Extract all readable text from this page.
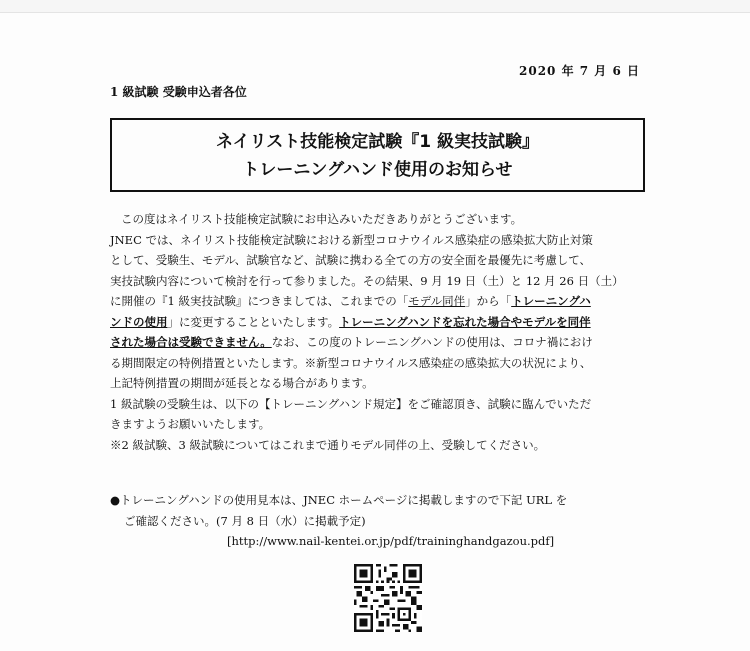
2020 年 7 月 6 日
1 級試験 受験申込者各位
ネイリスト技能検定試験『1 級実技試験』
トレーニングハンド使用のお知らせ

この度はネイリスト技能検定試験にお申込みいただきありがとうございます。

JNEC では、ネイリスト技能検定試験における新型コロナウイルス感染症の感染拡大防止対策

として、受験生、モデル、試験官など、試験に携わる全ての方の安全面を最優先に考慮して、

実技試験内容について検討を行って参りました。その結果、9 月 19 日（土）と 12 月 26 日（土）

に開催の『1 級実技試験』につきましては、これまでの「モデル同伴」から「トレーニングハ

ンドの使用」に変更することといたします。トレーニングハンドを忘れた場合やモデルを同伴

された場合は受験できません。なお、この度のトレーニングハンドの使用は、コロナ禍におけ

る期間限定の特例措置といたします。※新型コロナウイルス感染症の感染拡大の状況により、

上記特例措置の期間が延長となる場合があります。

1 級試験の受験生は、以下の【トレーニングハンド規定】をご確認頂き、試験に臨んでいただ

きますようお願いいたします。

※2 級試験、3 級試験についてはこれまで通りモデル同伴の上、受験してください。

●トレーニングハンドの使用見本は、JNEC ホームページに掲載しますので下記 URL を

ご確認ください。(7 月 8 日（水）に掲載予定)

[http://www.nail-kentei.or.jp/pdf/traininghandgazou.pdf]
